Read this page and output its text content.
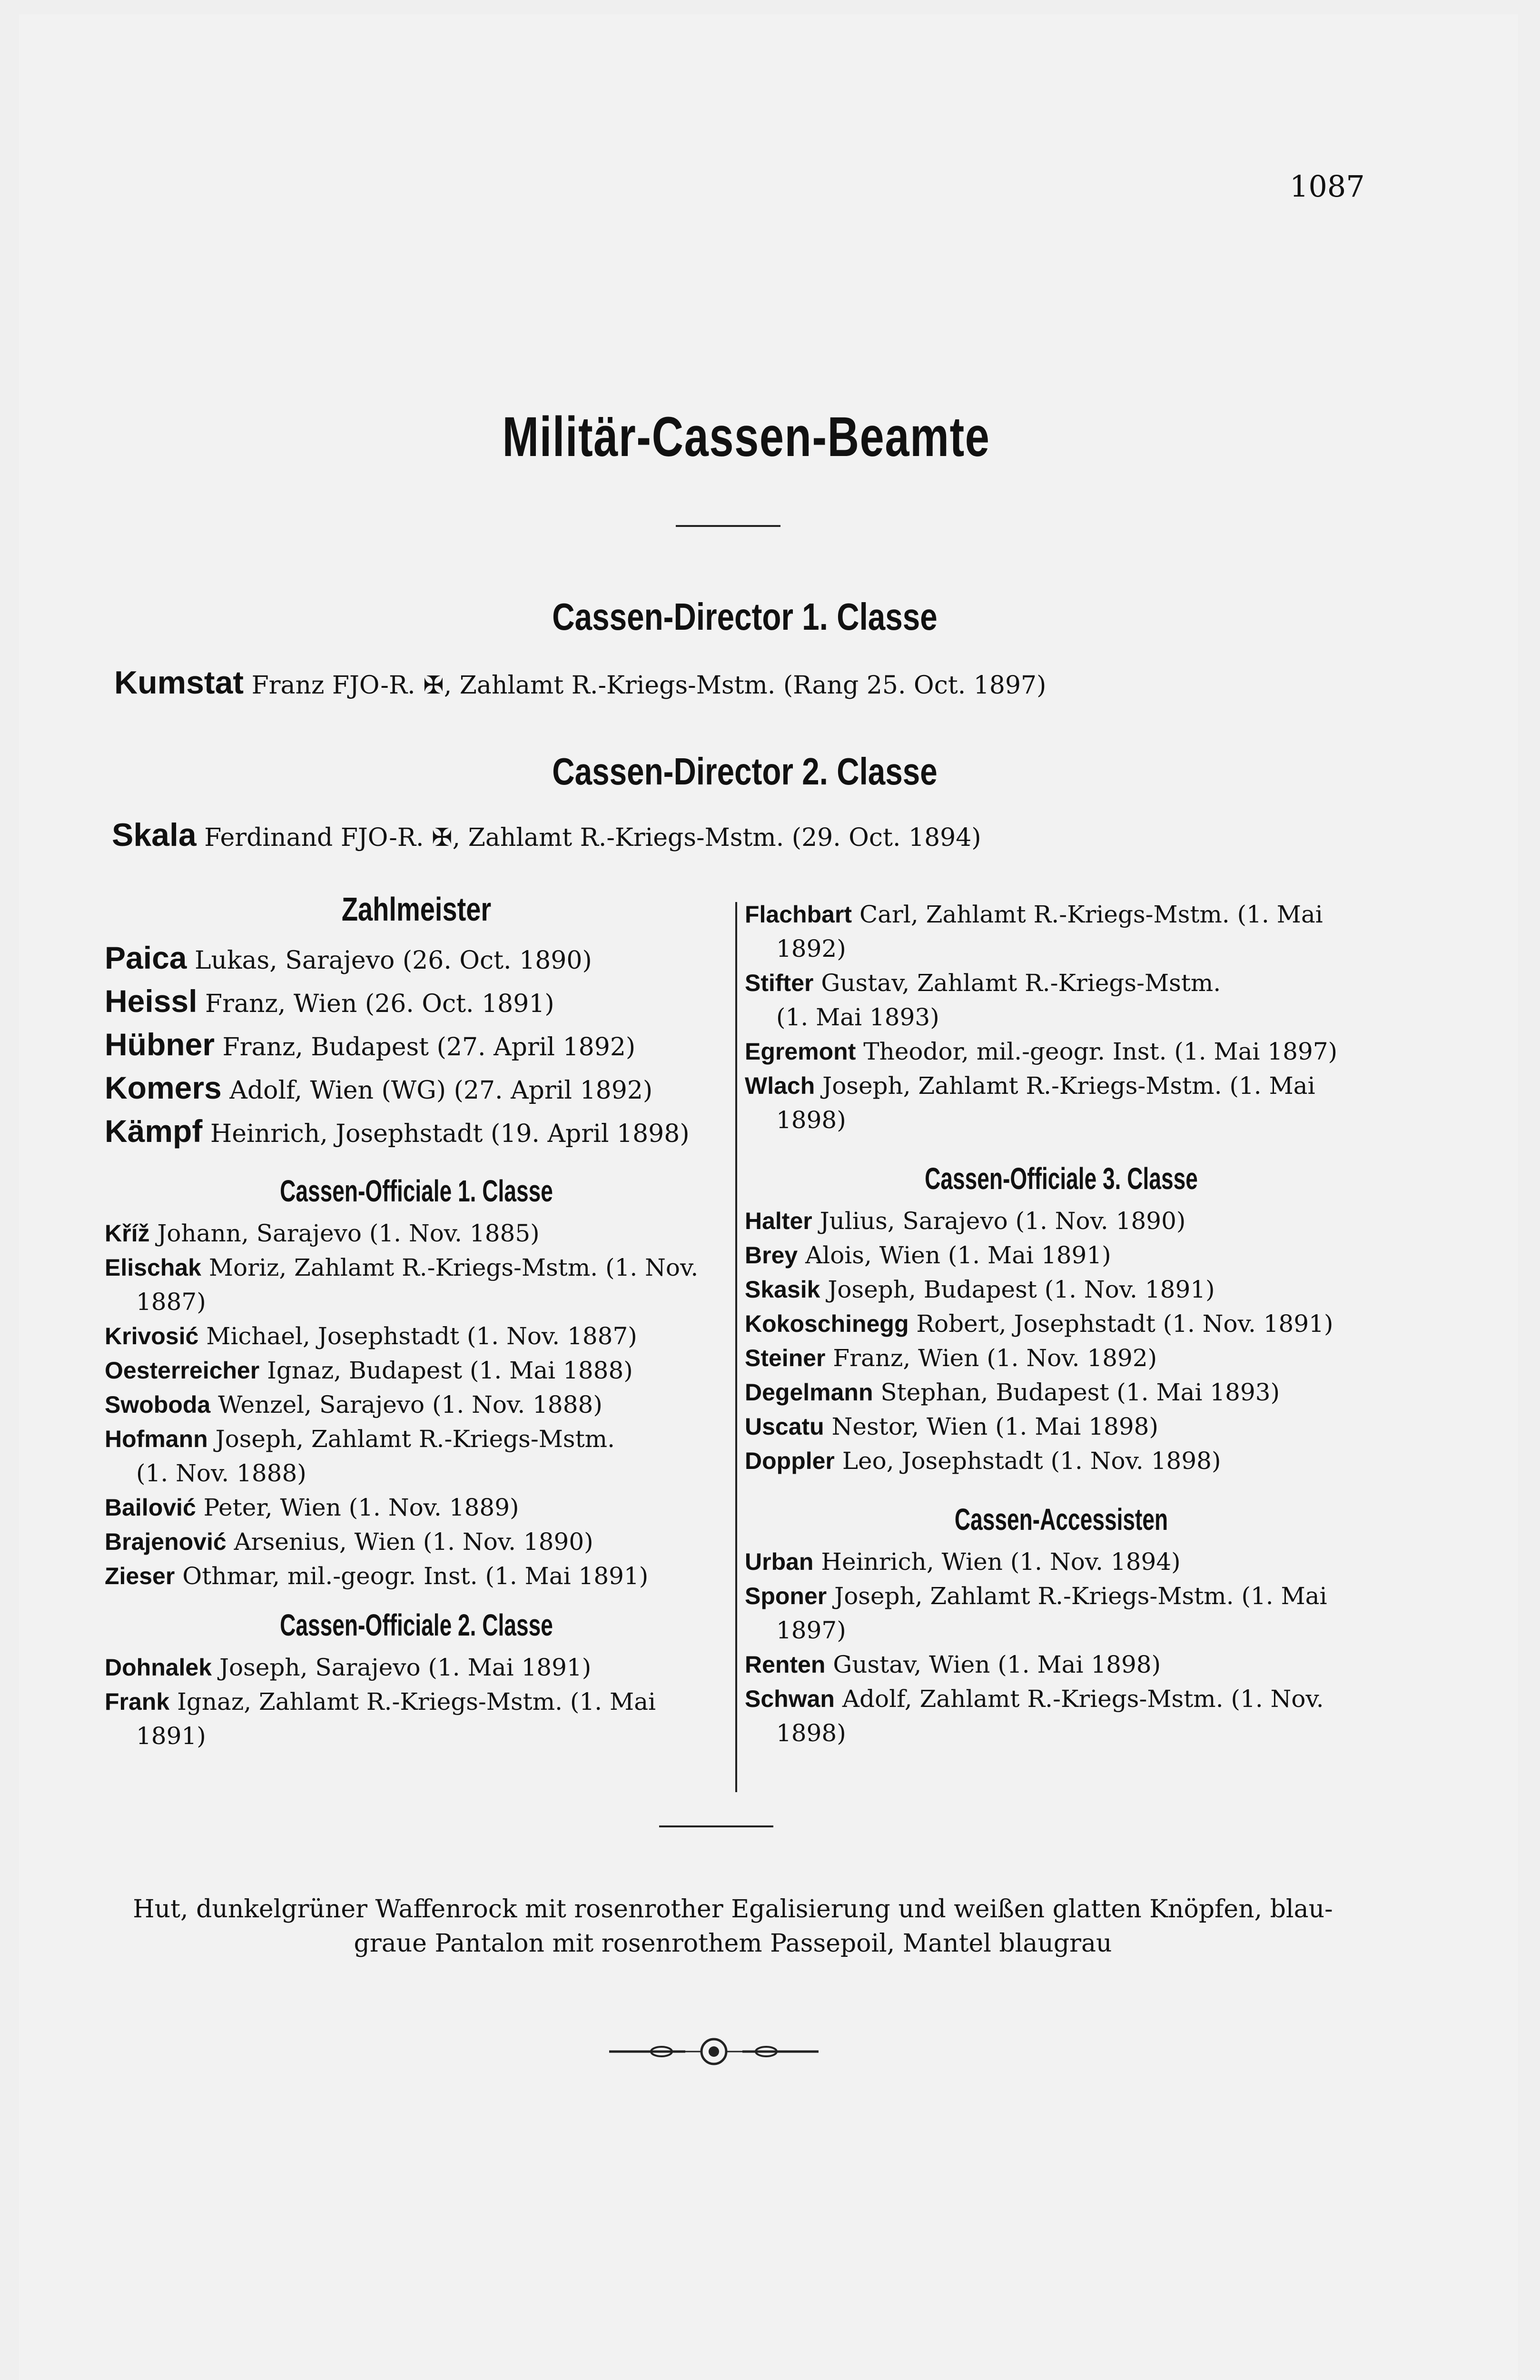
1087
Militär-Cassen-Beamte
Cassen-Director 1. Classe
Kumstat Franz FJO-R. ✠, Zahlamt R.-Kriegs-Mstm. (Rang 25. Oct. 1897)
Cassen-Director 2. Classe
Skala Ferdinand FJO-R. ✠, Zahlamt R.-Kriegs-Mstm. (29. Oct. 1894)
Zahlmeister
Paica Lukas, Sarajevo (26. Oct. 1890)
Heissl Franz, Wien (26. Oct. 1891)
Hübner Franz, Budapest (27. April 1892)
Komers Adolf, Wien (WG) (27. April 1892)
Kämpf Heinrich, Josephstadt (19. April 1898)
Cassen-Officiale 1. Classe
Kříž Johann, Sarajevo (1. Nov. 1885)
Elischak Moriz, Zahlamt R.-Kriegs-Mstm. (1. Nov.
1887)
Krivosić Michael, Josephstadt (1. Nov. 1887)
Oesterreicher Ignaz, Budapest (1. Mai 1888)
Swoboda Wenzel, Sarajevo (1. Nov. 1888)
Hofmann Joseph, Zahlamt R.-Kriegs-Mstm.
(1. Nov. 1888)
Bailović Peter, Wien (1. Nov. 1889)
Brajenović Arsenius, Wien (1. Nov. 1890)
Zieser Othmar, mil.-geogr. Inst. (1. Mai 1891)
Cassen-Officiale 2. Classe
Dohnalek Joseph, Sarajevo (1. Mai 1891)
Frank Ignaz, Zahlamt R.-Kriegs-Mstm. (1. Mai
1891)
Flachbart Carl, Zahlamt R.-Kriegs-Mstm. (1. Mai
1892)
Stifter Gustav, Zahlamt R.-Kriegs-Mstm.
(1. Mai 1893)
Egremont Theodor, mil.-geogr. Inst. (1. Mai 1897)
Wlach Joseph, Zahlamt R.-Kriegs-Mstm. (1. Mai
1898)
Cassen-Officiale 3. Classe
Halter Julius, Sarajevo (1. Nov. 1890)
Brey Alois, Wien (1. Mai 1891)
Skasik Joseph, Budapest (1. Nov. 1891)
Kokoschinegg Robert, Josephstadt (1. Nov. 1891)
Steiner Franz, Wien (1. Nov. 1892)
Degelmann Stephan, Budapest (1. Mai 1893)
Uscatu Nestor, Wien (1. Mai 1898)
Doppler Leo, Josephstadt (1. Nov. 1898)
Cassen-Accessisten
Urban Heinrich, Wien (1. Nov. 1894)
Sponer Joseph, Zahlamt R.-Kriegs-Mstm. (1. Mai
1897)
Renten Gustav, Wien (1. Mai 1898)
Schwan Adolf, Zahlamt R.-Kriegs-Mstm. (1. Nov.
1898)
Hut, dunkelgrüner Waffenrock mit rosenrother Egalisierung und weißen glatten Knöpfen, blau-
graue Pantalon mit rosenrothem Passepoil, Mantel blaugrau
